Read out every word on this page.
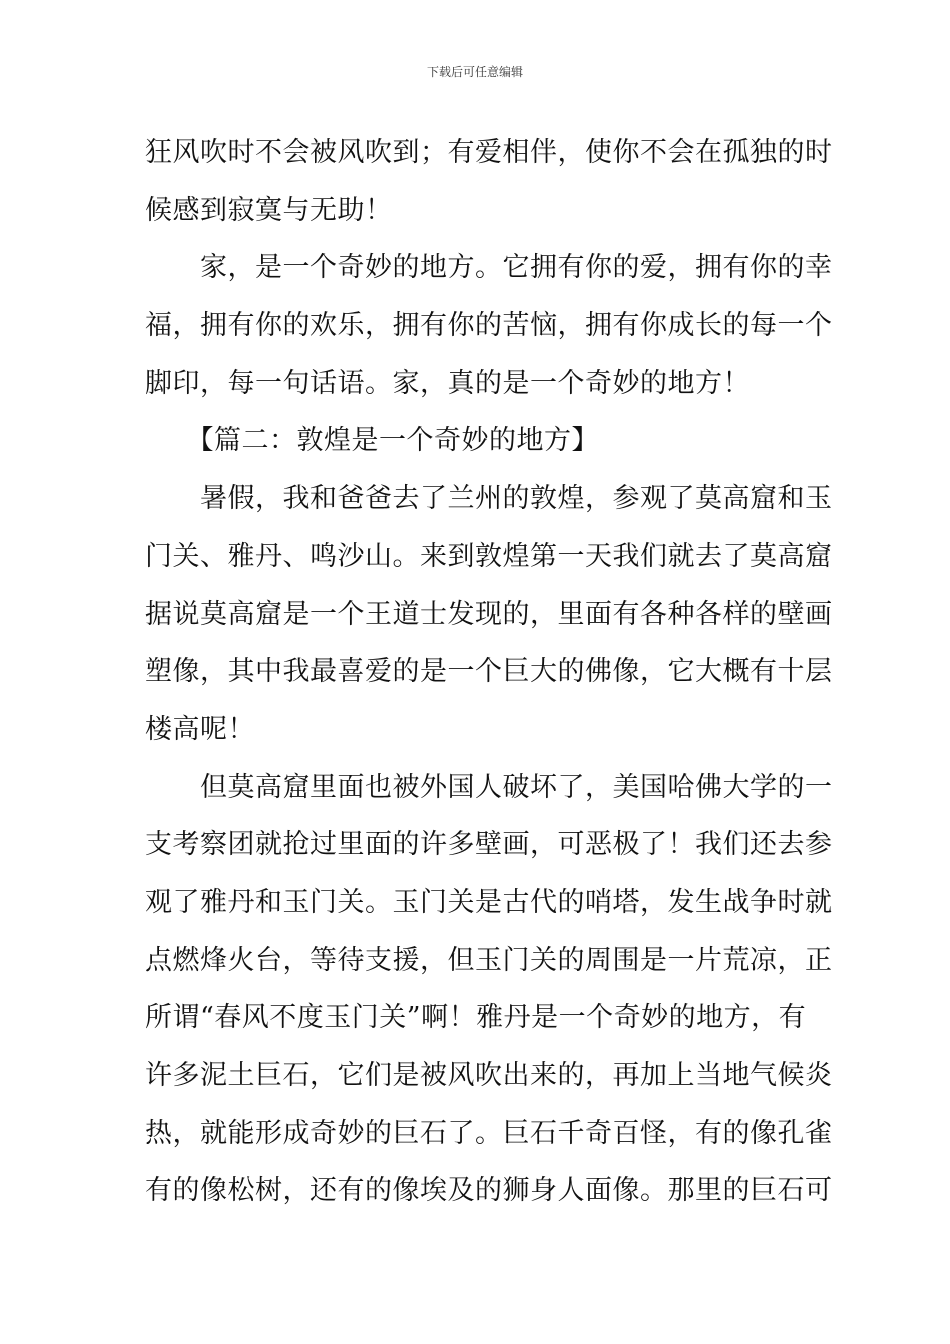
下载后可任意编辑
狂风吹时不会被风吹到；有爱相伴，使你不会在孤独的时
候感到寂寞与无助！
　　家，是一个奇妙的地方。它拥有你的爱，拥有你的幸
福，拥有你的欢乐，拥有你的苦恼，拥有你成长的每一个
脚印，每一句话语。家，真的是一个奇妙的地方！
　　【篇二：敦煌是一个奇妙的地方】
　　暑假，我和爸爸去了兰州的敦煌，参观了莫高窟和玉
门关、雅丹、鸣沙山。来到敦煌第一天我们就去了莫高窟
据说莫高窟是一个王道士发现的，里面有各种各样的壁画
塑像，其中我最喜爱的是一个巨大的佛像，它大概有十层
楼高呢！
　　但莫高窟里面也被外国人破坏了，美国哈佛大学的一
支考察团就抢过里面的许多壁画，可恶极了！我们还去参
观了雅丹和玉门关。玉门关是古代的哨塔，发生战争时就
点燃烽火台，等待支援，但玉门关的周围是一片荒凉，正
所谓“春风不度玉门关”啊！雅丹是一个奇妙的地方，有
许多泥土巨石，它们是被风吹出来的，再加上当地气候炎
热，就能形成奇妙的巨石了。巨石千奇百怪，有的像孔雀
有的像松树，还有的像埃及的狮身人面像。那里的巨石可
